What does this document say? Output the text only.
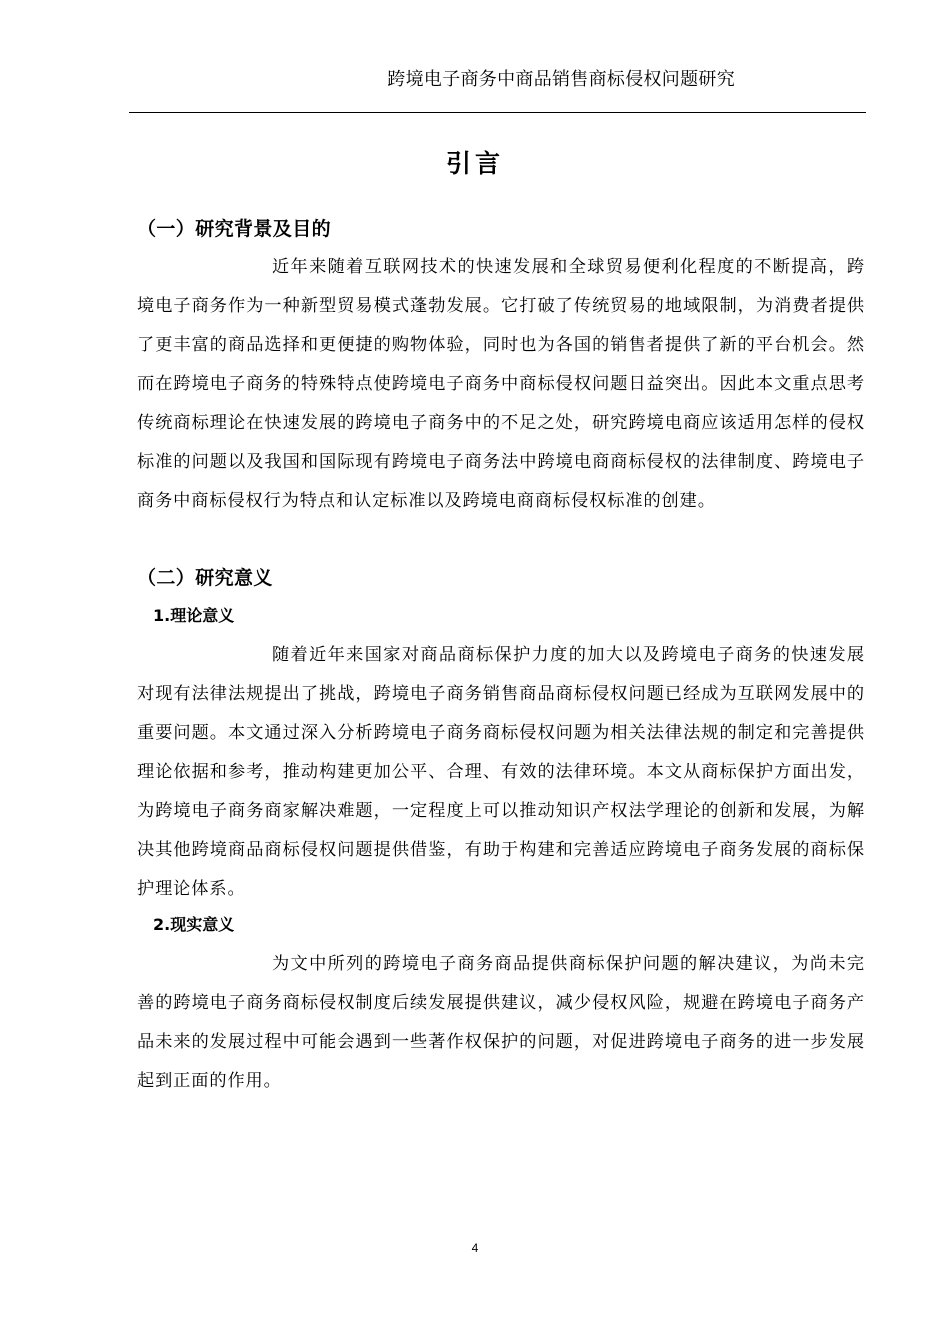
跨境电子商务中商品销售商标侵权问题研究
引言
（一）研究背景及目的

近年来随着互联网技术的快速发展和全球贸易便利化程度的不断提高，跨境电子商务作为一种新型贸易模式蓬勃发展。它打破了传统贸易的地域限制，为消费者提供了更丰富的商品选择和更便捷的购物体验，同时也为各国的销售者提供了新的平台机会。然而在跨境电子商务的特殊特点使跨境电子商务中商标侵权问题日益突出。因此本文重点思考传统商标理论在快速发展的跨境电子商务中的不足之处，研究跨境电商应该适用怎样的侵权标准的问题以及我国和国际现有跨境电子商务法中跨境电商商标侵权的法律制度、跨境电子商务中商标侵权行为特点和认定标准以及跨境电商商标侵权标准的创建。

（二）研究意义
1.理论意义

随着近年来国家对商品商标保护力度的加大以及跨境电子商务的快速发展对现有法律法规提出了挑战，跨境电子商务销售商品商标侵权问题已经成为互联网发展中的重要问题。本文通过深入分析跨境电子商务商标侵权问题为相关法律法规的制定和完善提供理论依据和参考，推动构建更加公平、合理、有效的法律环境。本文从商标保护方面出发，为跨境电子商务商家解决难题，一定程度上可以推动知识产权法学理论的创新和发展，为解决其他跨境商品商标侵权问题提供借鉴，有助于构建和完善适应跨境电子商务发展的商标保护理论体系。

2.现实意义

为文中所列的跨境电子商务商品提供商标保护问题的解决建议，为尚未完善的跨境电子商务商标侵权制度后续发展提供建议，减少侵权风险，规避在跨境电子商务产品未来的发展过程中可能会遇到一些著作权保护的问题，对促进跨境电子商务的进一步发展起到正面的作用。

4
